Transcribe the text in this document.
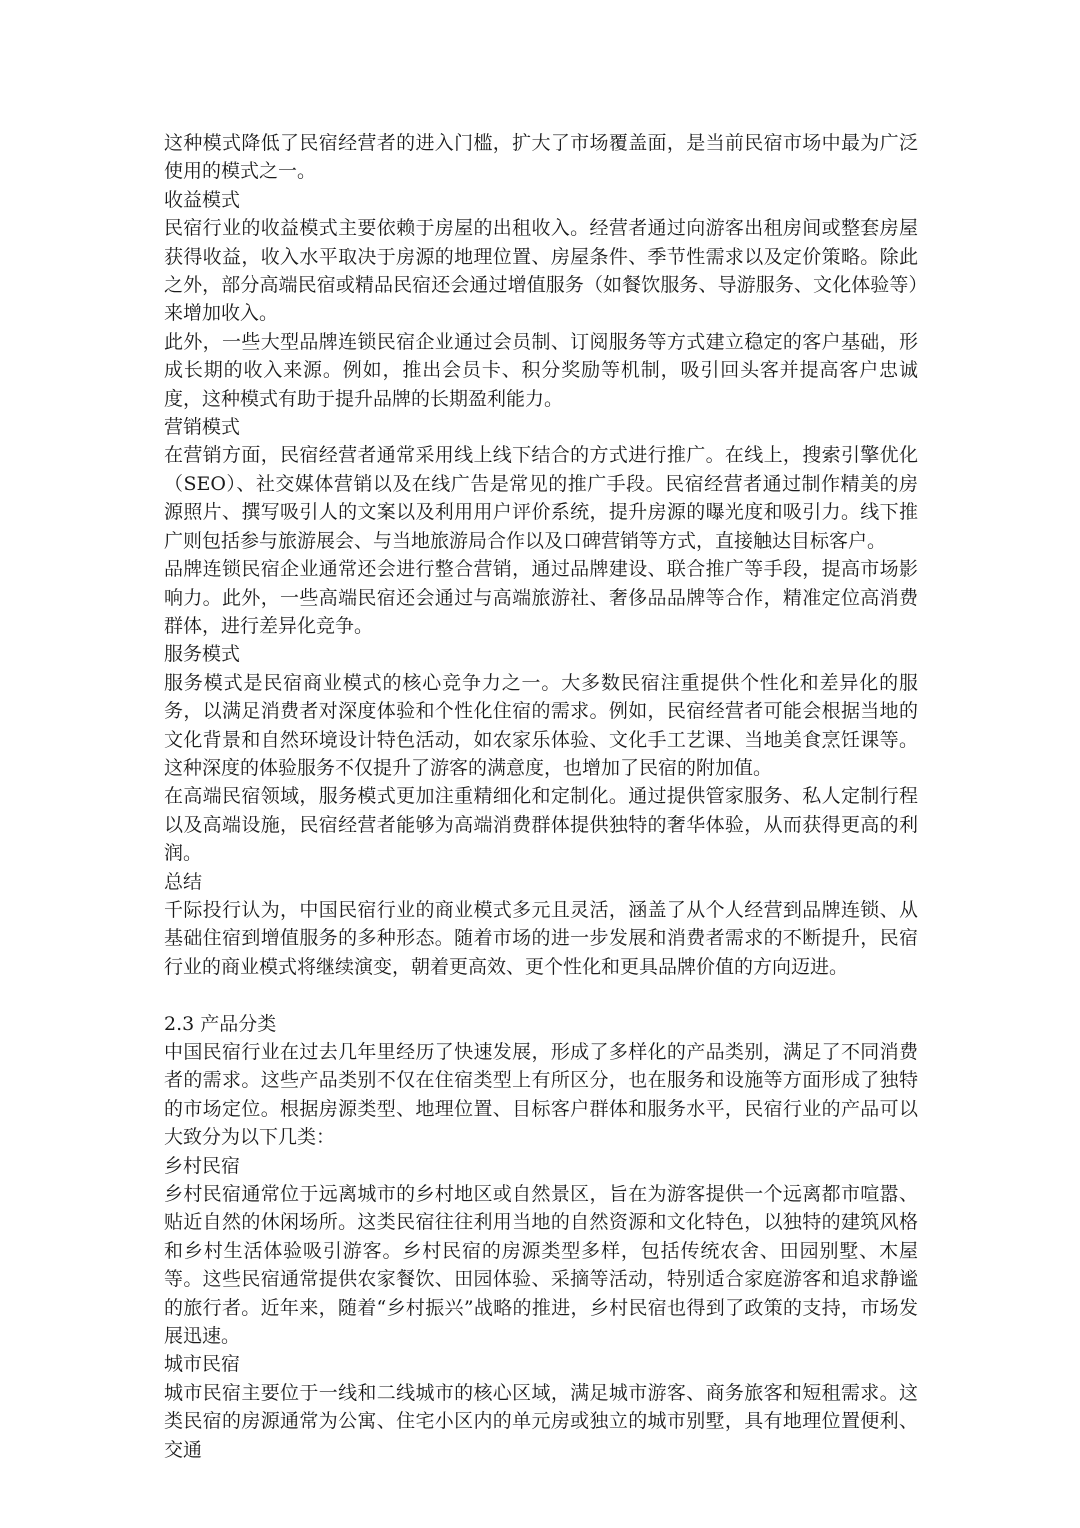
这种模式降低了民宿经营者的进入门槛，扩大了市场覆盖面，是当前民宿市场中最为广泛使用的模式之一。

收益模式

民宿行业的收益模式主要依赖于房屋的出租收入。经营者通过向游客出租房间或整套房屋获得收益，收入水平取决于房源的地理位置、房屋条件、季节性需求以及定价策略。除此之外，部分高端民宿或精品民宿还会通过增值服务（如餐饮服务、导游服务、文化体验等）来增加收入。

此外，一些大型品牌连锁民宿企业通过会员制、订阅服务等方式建立稳定的客户基础，形成长期的收入来源。例如，推出会员卡、积分奖励等机制，吸引回头客并提高客户忠诚度，这种模式有助于提升品牌的长期盈利能力。

营销模式

在营销方面，民宿经营者通常采用线上线下结合的方式进行推广。在线上，搜索引擎优化（SEO）、社交媒体营销以及在线广告是常见的推广手段。民宿经营者通过制作精美的房源照片、撰写吸引人的文案以及利用用户评价系统，提升房源的曝光度和吸引力。线下推广则包括参与旅游展会、与当地旅游局合作以及口碑营销等方式，直接触达目标客户。

品牌连锁民宿企业通常还会进行整合营销，通过品牌建设、联合推广等手段，提高市场影响力。此外，一些高端民宿还会通过与高端旅游社、奢侈品品牌等合作，精准定位高消费群体，进行差异化竞争。

服务模式

服务模式是民宿商业模式的核心竞争力之一。大多数民宿注重提供个性化和差异化的服务，以满足消费者对深度体验和个性化住宿的需求。例如，民宿经营者可能会根据当地的文化背景和自然环境设计特色活动，如农家乐体验、文化手工艺课、当地美食烹饪课等。这种深度的体验服务不仅提升了游客的满意度，也增加了民宿的附加值。

在高端民宿领域，服务模式更加注重精细化和定制化。通过提供管家服务、私人定制行程以及高端设施，民宿经营者能够为高端消费群体提供独特的奢华体验，从而获得更高的利润。

总结

千际投行认为，中国民宿行业的商业模式多元且灵活，涵盖了从个人经营到品牌连锁、从基础住宿到增值服务的多种形态。随着市场的进一步发展和消费者需求的不断提升，民宿行业的商业模式将继续演变，朝着更高效、更个性化和更具品牌价值的方向迈进。

2.3 产品分类

中国民宿行业在过去几年里经历了快速发展，形成了多样化的产品类别，满足了不同消费者的需求。这些产品类别不仅在住宿类型上有所区分，也在服务和设施等方面形成了独特的市场定位。根据房源类型、地理位置、目标客户群体和服务水平，民宿行业的产品可以大致分为以下几类：

乡村民宿

乡村民宿通常位于远离城市的乡村地区或自然景区，旨在为游客提供一个远离都市喧嚣、贴近自然的休闲场所。这类民宿往往利用当地的自然资源和文化特色，以独特的建筑风格和乡村生活体验吸引游客。乡村民宿的房源类型多样，包括传统农舍、田园别墅、木屋等。这些民宿通常提供农家餐饮、田园体验、采摘等活动，特别适合家庭游客和追求静谧的旅行者。近年来，随着“乡村振兴”战略的推进，乡村民宿也得到了政策的支持，市场发展迅速。

城市民宿

城市民宿主要位于一线和二线城市的核心区域，满足城市游客、商务旅客和短租需求。这类民宿的房源通常为公寓、住宅小区内的单元房或独立的城市别墅，具有地理位置便利、交通
